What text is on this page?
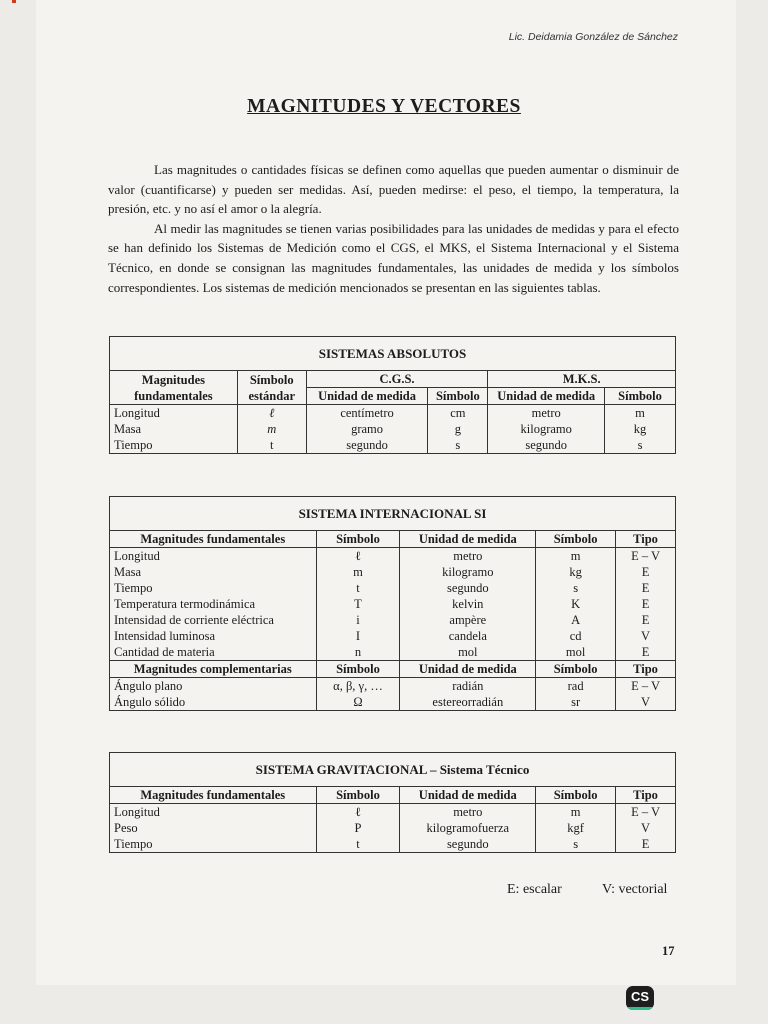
Lic. Deidamia González de Sánchez
MAGNITUDES Y VECTORES

Las magnitudes o cantidades físicas se definen como aquellas que pueden aumentar o disminuir de valor (cuantificarse) y pueden ser medidas. Así, pueden medirse: el peso, el tiempo, la temperatura, la presión, etc. y no así el amor o la alegría.

Al medir las magnitudes se tienen varias posibilidades para las unidades de medidas y para el efecto se han definido los Sistemas de Medición como el CGS, el MKS, el Sistema Internacional y el Sistema Técnico, en donde se consignan las magnitudes fundamentales, las unidades de medida y los símbolos correspondientes. Los sistemas de medición mencionados se presentan en las siguientes tablas.

SISTEMAS ABSOLUTOS					
Magnitudes fundamentales	Símbolo estándar	C.G.S.		M.K.S.	
		Unidad de medida	Símbolo	Unidad de medida	Símbolo
Longitud	ℓ	centímetro	cm	metro	m
Masa	m	gramo	g	kilogramo	kg
Tiempo	t	segundo	s	segundo	s
SISTEMA INTERNACIONAL SI				
Magnitudes fundamentales	Símbolo	Unidad de medida	Símbolo	Tipo
Longitud	ℓ	metro	m	E – V
Masa	m	kilogramo	kg	E
Tiempo	t	segundo	s	E
Temperatura termodinámica	T	kelvin	K	E
Intensidad de corriente eléctrica	i	ampère	A	E
Intensidad luminosa	I	candela	cd	V
Cantidad de materia	n	mol	mol	E
Magnitudes complementarias	Símbolo	Unidad de medida	Símbolo	Tipo
Ángulo plano	α, β, γ, …	radián	rad	E – V
Ángulo sólido	Ω	estereorradián	sr	V
SISTEMA GRAVITACIONAL – Sistema Técnico				
Magnitudes fundamentales	Símbolo	Unidad de medida	Símbolo	Tipo
Longitud	ℓ	metro	m	E – V
Peso	P	kilogramofuerza	kgf	V
Tiempo	t	segundo	s	E
E: escalar	V: vectorial
17
CS
